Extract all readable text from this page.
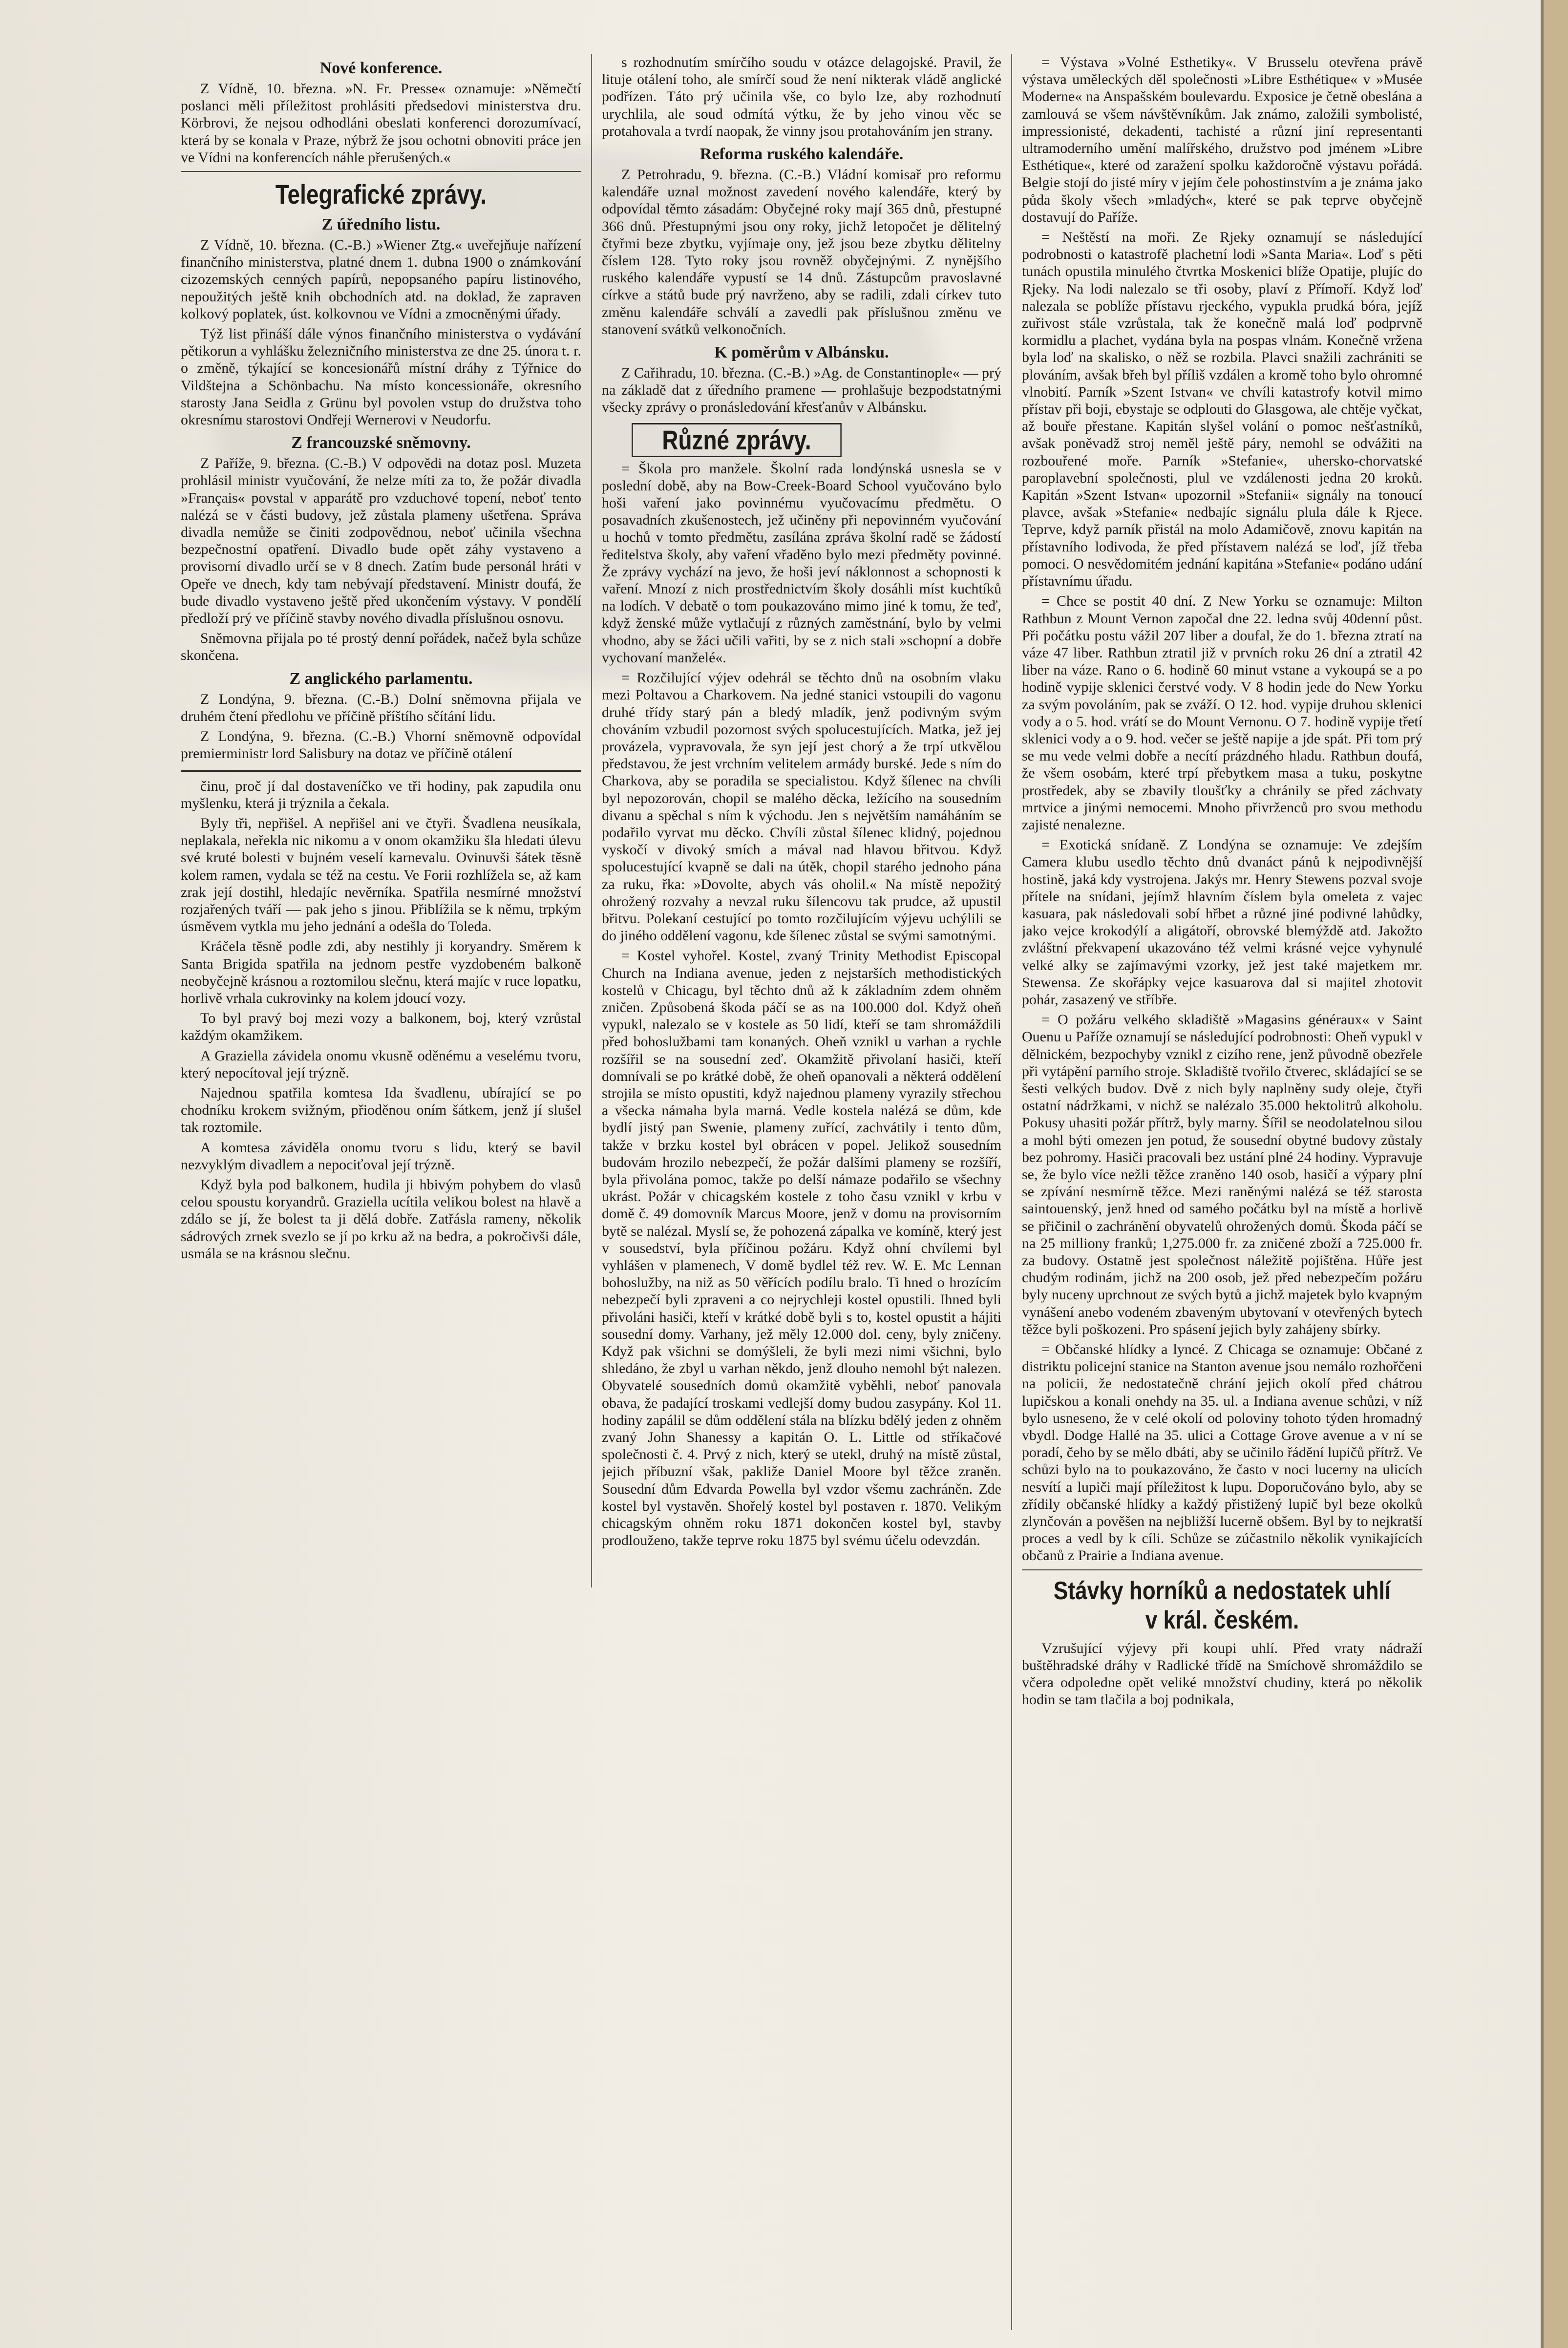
Nové konference.

Z Vídně, 10. března. »N. Fr. Presse« oznamuje: »Němečtí poslanci měli příležitost prohlásiti předsedovi ministerstva dru. Körbrovi, že nejsou odhodláni obeslati konferenci dorozumívací, která by se konala v Praze, nýbrž že jsou ochotni obnoviti práce jen ve Vídni na konferencích náhle přerušených.«

Telegrafické zprávy.
Z úředního listu.

Z Vídně, 10. března. (C.-B.) »Wiener Ztg.« uveřejňuje nařízení finančního ministerstva, platné dnem 1. dubna 1900 o známkování cizozemských cenných papírů, nepopsaného papíru listinového, nepoužitých ještě knih obchodních atd. na doklad, že zapraven kolkový poplatek, úst. kolkovnou ve Vídni a zmocněnými úřady.

Týž list přináší dále výnos finančního ministerstva o vydávání pětikorun a vyhlášku železničního ministerstva ze dne 25. února t. r. o změně, týkající se koncesionářů místní dráhy z Týřnice do Vildštejna a Schönbachu. Na místo koncessionáře, okresního starosty Jana Seidla z Grünu byl povolen vstup do družstva toho okresnímu starostovi Ondřeji Wernerovi v Neudorfu.

Z francouzské sněmovny.

Z Paříže, 9. března. (C.-B.) V odpovědi na dotaz posl. Muzeta prohlásil ministr vyučování, že nelze míti za to, že požár divadla »Français« povstal v apparátě pro vzduchové topení, neboť tento nalézá se v části budovy, jež zůstala plameny ušetřena. Správa divadla nemůže se činiti zodpovědnou, neboť učinila všechna bezpečnostní opatření. Divadlo bude opět záhy vystaveno a provisorní divadlo určí se v 8 dnech. Zatím bude personál hráti v Opeře ve dnech, kdy tam nebývají představení. Ministr doufá, že bude divadlo vystaveno ještě před ukončením výstavy. V pondělí předloží prý ve příčině stavby nového divadla příslušnou osnovu.

Sněmovna přijala po té prostý denní pořádek, načež byla schůze skončena.

Z anglického parlamentu.

Z Londýna, 9. března. (C.-B.) Dolní sněmovna přijala ve druhém čtení předlohu ve příčině příštího sčítání lidu.

Z Londýna, 9. března. (C.-B.) Vhorní sněmovně odpovídal premierministr lord Salisbury na dotaz ve příčině otálení

činu, proč jí dal dostaveníčko ve tři hodiny, pak zapudila onu myšlenku, která ji trýznila a čekala.

Byly tři, nepřišel. A nepřišel ani ve čtyři. Švadlena neusíkala, neplakala, neřekla nic nikomu a v onom okamžiku šla hledati úlevu své kruté bolesti v bujném veselí karnevalu. Ovinuvši šátek těsně kolem ramen, vydala se též na cestu. Ve Forii rozhlížela se, až kam zrak její dostihl, hledajíc nevěrníka. Spatřila nesmírné množství rozjařených tváří — pak jeho s jinou. Přiblížila se k němu, trpkým úsměvem vytkla mu jeho jednání a odešla do Toleda.

Kráčela těsně podle zdi, aby nestihly ji koryandry. Směrem k Santa Brigida spatřila na jednom pestře vyzdobeném balkoně neobyčejně krásnou a roztomilou slečnu, která majíc v ruce lopatku, horlivě vrhala cukrovinky na kolem jdoucí vozy.

To byl pravý boj mezi vozy a balkonem, boj, který vzrůstal každým okamžikem.

A Graziella závidela onomu vkusně oděnému a veselému tvoru, který nepocítoval její trýzně.

Najednou spatřila komtesa Ida švadlenu, ubírající se po chodníku krokem svižným, přioděnou oním šátkem, jenž jí slušel tak roztomile.

A komtesa záviděla onomu tvoru s lidu, který se bavil nezvyklým divadlem a nepociťoval její trýzně.

Když byla pod balkonem, hudila ji hbivým pohybem do vlasů celou spoustu koryandrů. Graziella ucítila velikou bolest na hlavě a zdálo se jí, že bolest ta ji dělá dobře. Zatřásla rameny, několik sádrových zrnek svezlo se jí po krku až na bedra, a pokročivši dále, usmála se na krásnou slečnu.

s rozhodnutím smírčího soudu v otázce delagojské. Pravil, že lituje otálení toho, ale smírčí soud že není nikterak vládě anglické podřízen. Táto prý učinila vše, co bylo lze, aby rozhodnutí urychlila, ale soud odmítá výtku, že by jeho vinou věc se protahovala a tvrdí naopak, že vinny jsou protahováním jen strany.

Reforma ruského kalendáře.

Z Petrohradu, 9. března. (C.-B.) Vládní komisař pro reformu kalendáře uznal možnost zavedení nového kalendáře, který by odpovídal těmto zásadám: Obyčejné roky mají 365 dnů, přestupné 366 dnů. Přestupnými jsou ony roky, jichž letopočet je dělitelný čtyřmi beze zbytku, vyjímaje ony, jež jsou beze zbytku dělitelny číslem 128. Tyto roky jsou rovněž obyčejnými. Z nynějšího ruského kalendáře vypustí se 14 dnů. Zástupcům pravoslavné církve a států bude prý navrženo, aby se radili, zdali církev tuto změnu kalendáře schválí a zavedli pak příslušnou změnu ve stanovení svátků velkonočních.

K poměrům v Albánsku.

Z Cařihradu, 10. března. (C.-B.) »Ag. de Constantinople« — prý na základě dat z úředního pramene — prohlašuje bezpodstatnými všecky zprávy o pronásledování křesťanův v Albánsku.

Různé zprávy.

= Škola pro manžele. Školní rada londýnská usnesla se v poslední době, aby na Bow-Creek-Board School vyučováno bylo hoši vaření jako povinnému vyučovacímu předmětu. O posavadních zkušenostech, jež učiněny při nepovinném vyučování u hochů v tomto předmětu, zasílána zpráva školní radě se žádostí ředitelstva školy, aby vaření vřaděno bylo mezi předměty povinné. Že zprávy vychází na jevo, že hoši jeví náklonnost a schopnosti k vaření. Mnozí z nich prostřednictvím školy dosáhli míst kuchtíků na lodích. V debatě o tom poukazováno mimo jiné k tomu, že teď, když ženské může vytlačují z různých zaměstnání, bylo by velmi vhodno, aby se žáci učili vařiti, by se z nich stali »schopní a dobře vychovaní manželé«.

= Rozčilující výjev odehrál se těchto dnů na osobním vlaku mezi Poltavou a Charkovem. Na jedné stanici vstoupili do vagonu druhé třídy starý pán a bledý mladík, jenž podivným svým chováním vzbudil pozornost svých spolucestujících. Matka, jež jej provázela, vypravovala, že syn její jest chorý a že trpí utkvělou představou, že jest vrchním velitelem armády burské. Jede s ním do Charkova, aby se poradila se specialistou. Když šílenec na chvíli byl nepozorován, chopil se malého děcka, ležícího na sousedním divanu a spěchal s ním k východu. Jen s největším namáháním se podařilo vyrvat mu děcko. Chvíli zůstal šílenec klidný, pojednou vyskočí v divoký smích a mával nad hlavou břitvou. Když spolucestující kvapně se dali na útěk, chopil starého jednoho pána za ruku, řka: »Dovolte, abych vás oholil.« Na místě nepožitý ohrožený rozvahy a nevzal ruku šílencovu tak prudce, až upustil břitvu. Polekaní cestující po tomto rozčilujícím výjevu uchýlili se do jiného oddělení vagonu, kde šílenec zůstal se svými samotnými.

= Kostel vyhořel. Kostel, zvaný Trinity Methodist Episcopal Church na Indiana avenue, jeden z nejstarších methodistických kostelů v Chicagu, byl těchto dnů až k základním zdem ohněm zničen. Způsobená škoda páčí se as na 100.000 dol. Když oheň vypukl, nalezalo se v kostele as 50 lidí, kteří se tam shromáždili před bohoslužbami tam konaných. Oheň vznikl u varhan a rychle rozšířil se na sousední zeď. Okamžitě přivolaní hasiči, kteří domnívali se po krátké době, že oheň opanovali a některá oddělení strojila se místo opustiti, když najednou plameny vyrazily střechou a všecka námaha byla marná. Vedle kostela nalézá se dům, kde bydlí jistý pan Swenie, plameny zuřící, zachvátily i tento dům, takže v brzku kostel byl obrácen v popel. Jelikož sousedním budovám hrozilo nebezpečí, že požár dalšími plameny se rozšíří, byla přivolána pomoc, takže po delší námaze podařilo se všechny ukrást. Požár v chicagském kostele z toho času vznikl v krbu v domě č. 49 domovník Marcus Moore, jenž v domu na provisorním bytě se nalézal. Myslí se, že pohozená zápalka ve komíně, který jest v sousedství, byla příčinou požáru. Když ohní chvílemi byl vyhlášen v plamenech, V domě bydlel též rev. W. E. Mc Lennan bohoslužby, na niž as 50 věřících podílu bralo. Ti hned o hrozícím nebezpečí byli zpraveni a co nejrychleji kostel opustili. Ihned byli přivoláni hasiči, kteří v krátké době byli s to, kostel opustit a hájiti sousední domy. Varhany, jež měly 12.000 dol. ceny, byly zničeny. Když pak všichni se domýšleli, že byli mezi nimi všichni, bylo shledáno, že zbyl u varhan někdo, jenž dlouho nemohl být nalezen. Obyvatelé sousedních domů okamžitě vyběhli, neboť panovala obava, že padající troskami vedlejší domy budou zasypány. Kol 11. hodiny zapálil se dům oddělení stála na blízku bdělý jeden z ohněm zvaný John Shanessy a kapitán O. L. Little od stříkačové společnosti č. 4. Prvý z nich, který se utekl, druhý na místě zůstal, jejich příbuzní však, pakliže Daniel Moore byl těžce zraněn. Sousední dům Edvarda Powella byl vzdor všemu zachráněn. Zde kostel byl vystavěn. Shořelý kostel byl postaven r. 1870. Velikým chicagským ohněm roku 1871 dokončen kostel byl, stavby prodlouženo, takže teprve roku 1875 byl svému účelu odevzdán.

= Výstava »Volné Esthetiky«. V Brusselu otevřena právě výstava uměleckých děl společnosti »Libre Esthétique« v »Musée Moderne« na Anspašském boulevardu. Exposice je četně obeslána a zamlouvá se všem návštěvníkům. Jak známo, založili symbolisté, impressionisté, dekadenti, tachisté a různí jiní representanti ultramoderního umění malířského, družstvo pod jménem »Libre Esthétique«, které od zaražení spolku každoročně výstavu pořádá. Belgie stojí do jisté míry v jejím čele pohostinstvím a je známa jako půda školy všech »mladých«, které se pak teprve obyčejně dostavují do Paříže.

= Neštěstí na moři. Ze Rjeky oznamují se následující podrobnosti o katastrofě plachetní lodi »Santa Maria«. Loď s pěti tunách opustila minulého čtvrtka Moskenici blíže Opatije, plujíc do Rjeky. Na lodi nalezalo se tři osoby, plaví z Přímoří. Když loď nalezala se poblíže přístavu rjeckého, vypukla prudká bóra, jejíž zuřivost stále vzrůstala, tak že konečně malá loď podprvně kormidlu a plachet, vydána byla na pospas vlnám. Konečně vržena byla loď na skalisko, o něž se rozbila. Plavci snažili zachrániti se plováním, avšak břeh byl příliš vzdálen a kromě toho bylo ohromné vlnobití. Parník »Szent Istvan« ve chvíli katastrofy kotvil mimo přístav při boji, ebystaje se odplouti do Glasgowa, ale chtěje vyčkat, až bouře přestane. Kapitán slyšel volání o pomoc nešťastníků, avšak poněvadž stroj neměl ještě páry, nemohl se odvážiti na rozbouřené moře. Parník »Stefanie«, uhersko-chorvatské paroplavební společnosti, plul ve vzdálenosti jedna 20 kroků. Kapitán »Szent Istvan« upozornil »Stefanii« signály na tonoucí plavce, avšak »Stefanie« nedbajíc signálu plula dále k Rjece. Teprve, když parník přistál na molo Adamičově, znovu kapitán na přístavního lodivoda, že před přístavem nalézá se loď, jíž třeba pomoci. O nesvědomitém jednání kapitána »Stefanie« podáno udání přístavnímu úřadu.

= Chce se postit 40 dní. Z New Yorku se oznamuje: Milton Rathbun z Mount Vernon započal dne 22. ledna svůj 40denní půst. Při počátku postu vážil 207 liber a doufal, že do 1. března ztratí na váze 47 liber. Rathbun ztratil již v prvních roku 26 dní a ztratil 42 liber na váze. Rano o 6. hodině 60 minut vstane a vykoupá se a po hodině vypije sklenici čerstvé vody. V 8 hodin jede do New Yorku za svým povoláním, pak se zváží. O 12. hod. vypije druhou sklenici vody a o 5. hod. vrátí se do Mount Vernonu. O 7. hodině vypije třetí sklenici vody a o 9. hod. večer se ještě napije a jde spát. Při tom prý se mu vede velmi dobře a necítí prázdného hladu. Rathbun doufá, že všem osobám, které trpí přebytkem masa a tuku, poskytne prostředek, aby se zbavily tloušťky a chránily se před záchvaty mrtvice a jinými nemocemi. Mnoho přivrženců pro svou methodu zajisté nenalezne.

= Exotická snídaně. Z Londýna se oznamuje: Ve zdejším Camera klubu usedlo těchto dnů dvanáct pánů k nejpodivnější hostině, jaká kdy vystrojena. Jakýs mr. Henry Stewens pozval svoje přítele na snídani, jejímž hlavním číslem byla omeleta z vajec kasuara, pak následovali sobí hřbet a různé jiné podivné lahůdky, jako vejce krokodýlí a aligátoří, obrovské blemýždě atd. Jakožto zvláštní překvapení ukazováno též velmi krásné vejce vyhynulé velké alky se zajímavými vzorky, jež jest také majetkem mr. Stewensa. Ze skořápky vejce kasuarova dal si majitel zhotovit pohár, zasazený ve stříbře.

= O požáru velkého skladiště »Magasins généraux« v Saint Ouenu u Paříže oznamují se následující podrobnosti: Oheň vypukl v dělnickém, bezpochyby vznikl z cizího rene, jenž původně obezřele při vytápění parního stroje. Skladiště tvořilo čtverec, skládající se se šesti velkých budov. Dvě z nich byly naplněny sudy oleje, čtyři ostatní nádržkami, v nichž se nalézalo 35.000 hektolitrů alkoholu. Pokusy uhasiti požár přítrž, byly marny. Šířil se neodolatelnou silou a mohl býti omezen jen potud, že sousední obytné budovy zůstaly bez pohromy. Hasiči pracovali bez ustání plné 24 hodiny. Vypravuje se, že bylo více nežli těžce zraněno 140 osob, hasičí a výpary plní se zpívání nesmírně těžce. Mezi raněnými nalézá se též starosta saintouenský, jenž hned od samého počátku byl na místě a horlivě se přičinil o zachránění obyvatelů ohrožených domů. Škoda páčí se na 25 milliony franků; 1,275.000 fr. za zničené zboží a 725.000 fr. za budovy. Ostatně jest společnost náležitě pojištěna. Hůře jest chudým rodinám, jichž na 200 osob, jež před nebezpečím požáru byly nuceny uprchnout ze svých bytů a jichž majetek bylo kvapným vynášení anebo vodeném zbaveným ubytovaní v otevřených bytech těžce byli poškozeni. Pro spásení jejich byly zahájeny sbírky.

= Občanské hlídky a lyncé. Z Chicaga se oznamuje: Občané z distriktu policejní stanice na Stanton avenue jsou nemálo rozhořčeni na policii, že nedostatečně chrání jejich okolí před chátrou lupičskou a konali onehdy na 35. ul. a Indiana avenue schůzi, v níž bylo usneseno, že v celé okolí od poloviny tohoto týden hromadný vbydl. Dodge Hallé na 35. ulici a Cottage Grove avenue a v ní se poradí, čeho by se mělo dbáti, aby se učinilo řádění lupičů přítrž. Ve schůzi bylo na to poukazováno, že často v noci lucerny na ulicích nesvítí a lupiči mají příležitost k lupu. Doporučováno bylo, aby se zřídily občanské hlídky a každý přistižený lupič byl beze okolků zlynčován a pověšen na nejbližší lucerně obšem. Byl by to nejkratší proces a vedl by k cíli. Schůze se zúčastnilo několik vynikajících občanů z Prairie a Indiana avenue.

Stávky horníků a nedostatek uhlí v král. českém.

Vzrušující výjevy při koupi uhlí. Před vraty nádraží buštěhradské dráhy v Radlické třídě na Smíchově shromáždilo se včera odpoledne opět veliké množství chudiny, která po několik hodin se tam tlačila a boj podnikala,
